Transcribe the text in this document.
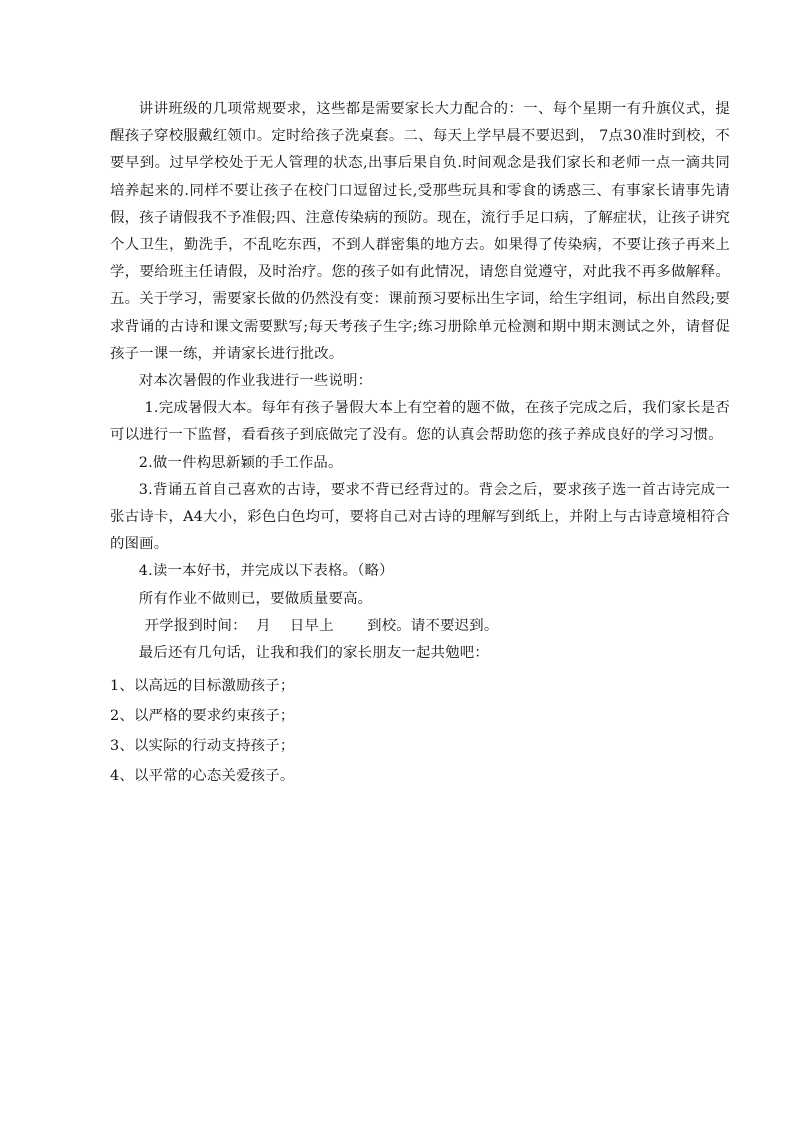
讲讲班级的几项常规要求，这些都是需要家长大力配合的：一、每个星期一有升旗仪式，提醒孩子穿校服戴红领巾。定时给孩子洗桌套。二、每天上学早晨不要迟到， 7点30准时到校，不要早到。过早学校处于无人管理的状态,出事后果自负.时间观念是我们家长和老师一点一滴共同培养起来的.同样不要让孩子在校门口逗留过长,受那些玩具和零食的诱惑三、有事家长请事先请假，孩子请假我不予准假;四、注意传染病的预防。现在，流行手足口病，了解症状，让孩子讲究个人卫生，勤洗手，不乱吃东西，不到人群密集的地方去。如果得了传染病，不要让孩子再来上学，要给班主任请假，及时治疗。您的孩子如有此情况，请您自觉遵守，对此我不再多做解释。五。关于学习，需要家长做的仍然没有变：课前预习要标出生字词，给生字组词，标出自然段;要求背诵的古诗和课文需要默写;每天考孩子生字;练习册除单元检测和期中期末测试之外，请督促孩子一课一练，并请家长进行批改。

对本次暑假的作业我进行一些说明：

1.完成暑假大本。每年有孩子暑假大本上有空着的题不做，在孩子完成之后，我们家长是否可以进行一下监督，看看孩子到底做完了没有。您的认真会帮助您的孩子养成良好的学习习惯。

2.做一件构思新颖的手工作品。

3.背诵五首自己喜欢的古诗，要求不背已经背过的。背会之后，要求孩子选一首古诗完成一张古诗卡，A4大小，彩色白色均可，要将自己对古诗的理解写到纸上，并附上与古诗意境相符合的图画。

4.读一本好书，并完成以下表格。（略）

所有作业不做则已，要做质量要高。

开学报到时间：  月    日早上       到校。请不要迟到。

最后还有几句话，让我和我们的家长朋友一起共勉吧：

1、以高远的目标激励孩子；
2、以严格的要求约束孩子；
3、以实际的行动支持孩子；
4、以平常的心态关爱孩子。
